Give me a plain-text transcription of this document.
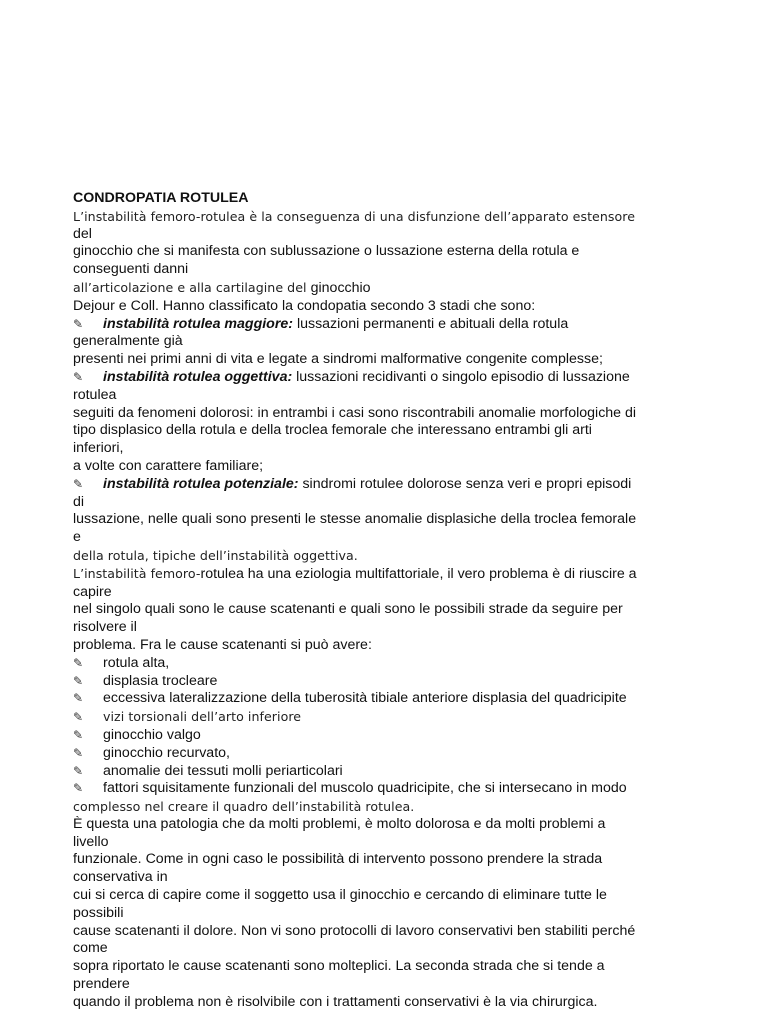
CONDROPATIA ROTULEA
L’instabilità femoro-rotulea è la conseguenza di una disfunzione dell’apparato estensore
del
ginocchio che si manifesta con sublussazione o lussazione esterna della rotula e
conseguenti danni
all’articolazione e alla cartilagine del ginocchio
Dejour e Coll. Hanno classificato la condopatia secondo 3 stadi che sono:
✎ instabilità rotulea maggiore: lussazioni permanenti e abituali della rotula
generalmente già
presenti nei primi anni di vita e legate a sindromi malformative congenite complesse;
✎ instabilità rotulea oggettiva: lussazioni recidivanti o singolo episodio di lussazione
rotulea
seguiti da fenomeni dolorosi: in entrambi i casi sono riscontrabili anomalie morfologiche di
tipo displasico della rotula e della troclea femorale che interessano entrambi gli arti
inferiori,
a volte con carattere familiare;
✎ instabilità rotulea potenziale: sindromi rotulee dolorose senza veri e propri episodi
di
lussazione, nelle quali sono presenti le stesse anomalie displasiche della troclea femorale
e
della rotula, tipiche dell’instabilità oggettiva.
L’instabilità femoro-rotulea ha una eziologia multifattoriale, il vero problema è di riuscire a
capire
nel singolo quali sono le cause scatenanti e quali sono le possibili strade da seguire per
risolvere il
problema. Fra le cause scatenanti si può avere:
✎ rotula alta,
✎ displasia trocleare
✎ eccessiva lateralizzazione della tuberosità tibiale anteriore displasia del quadricipite
✎ vizi torsionali dell’arto inferiore
✎ ginocchio valgo
✎ ginocchio recurvato,
✎ anomalie dei tessuti molli periarticolari
✎ fattori squisitamente funzionali del muscolo quadricipite, che si intersecano in modo
complesso nel creare il quadro dell’instabilità rotulea.
È questa una patologia che da molti problemi, è molto dolorosa e da molti problemi a
livello
funzionale. Come in ogni caso le possibilità di intervento possono prendere la strada
conservativa in
cui si cerca di capire come il soggetto usa il ginocchio e cercando di eliminare tutte le
possibili
cause scatenanti il dolore. Non vi sono protocolli di lavoro conservativi ben stabiliti perché
come
sopra riportato le cause scatenanti sono molteplici. La seconda strada che si tende a
prendere
quando il problema non è risolvibile con i trattamenti conservativi è la via chirurgica.
